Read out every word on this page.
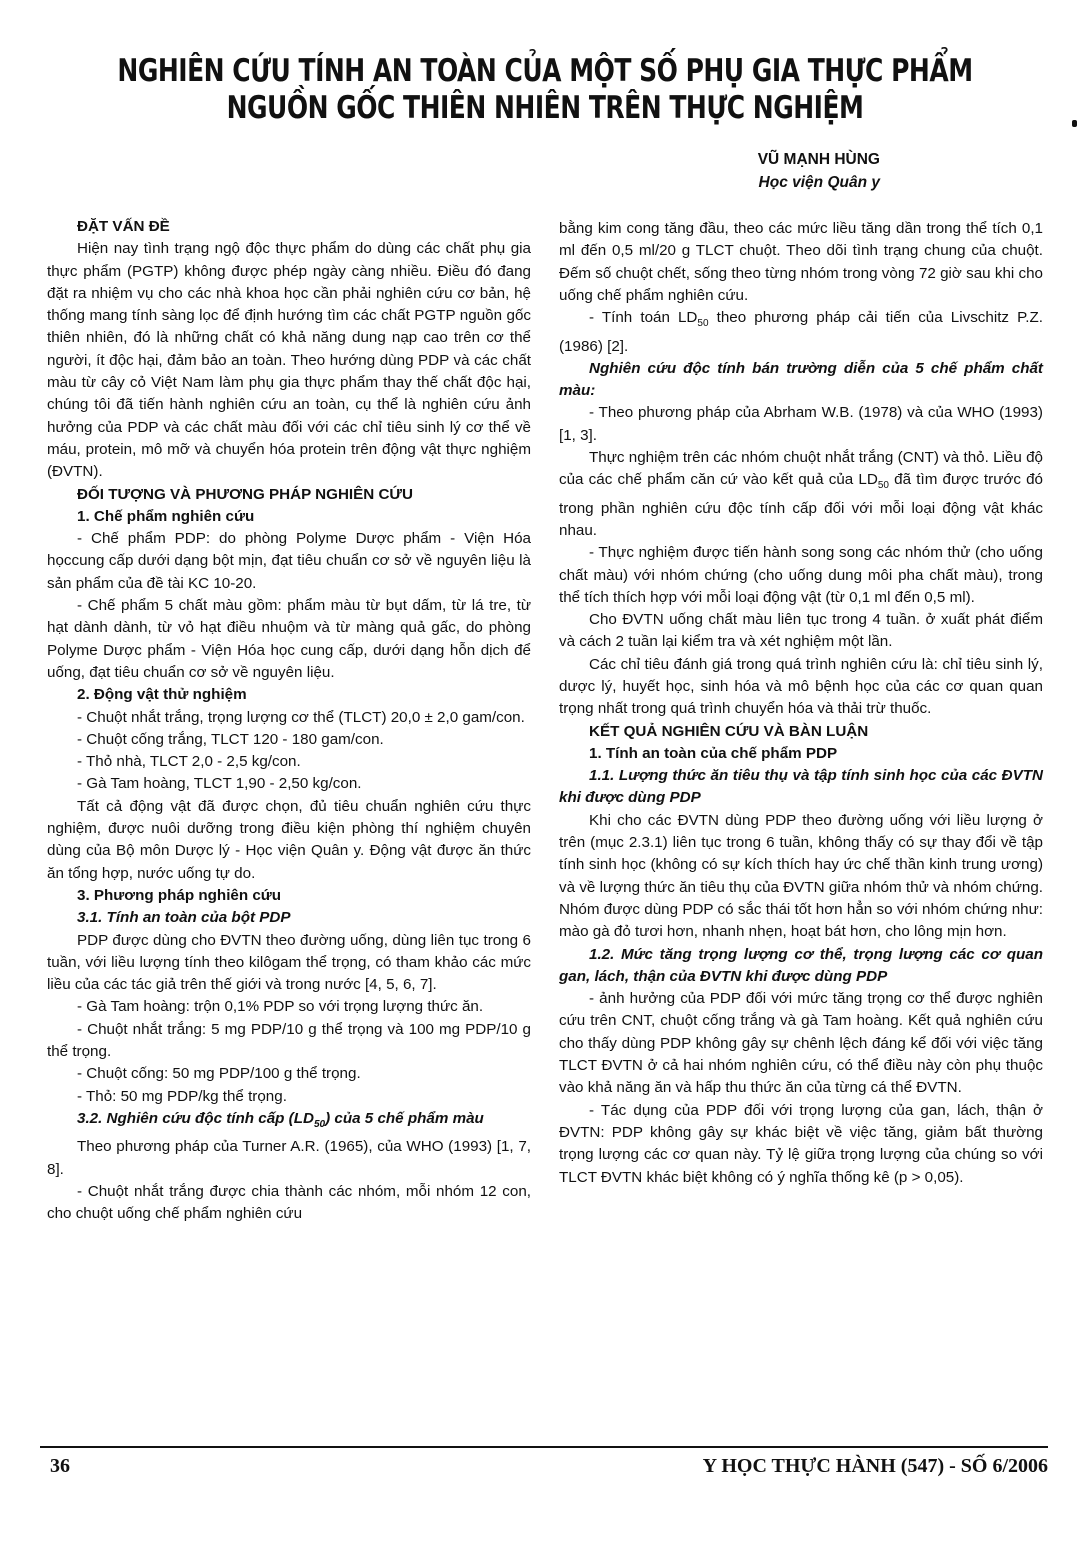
NGHIÊN CỨU TÍNH AN TOÀN CỦA MỘT SỐ PHỤ GIA THỰC PHẨM
NGUỒN GỐC THIÊN NHIÊN TRÊN THỰC NGHIỆM
VŨ MẠNH HÙNG
Học viện Quân y

ĐẶT VẤN ĐỀ

Hiện nay tình trạng ngộ độc thực phẩm do dùng các chất phụ gia thực phẩm (PGTP) không được phép ngày càng nhiều. Điều đó đang đặt ra nhiệm vụ cho các nhà khoa học cần phải nghiên cứu cơ bản, hệ thống mang tính sàng lọc để định hướng tìm các chất PGTP nguồn gốc thiên nhiên, đó là những chất có khả năng dung nạp cao trên cơ thể người, ít độc hại, đảm bảo an toàn. Theo hướng dùng PDP và các chất màu từ cây cỏ Việt Nam làm phụ gia thực phẩm thay thế chất độc hại, chúng tôi đã tiến hành nghiên cứu an toàn, cụ thể là nghiên cứu ảnh hưởng của PDP và các chất màu đối với các chỉ tiêu sinh lý cơ thể về máu, protein, mô mỡ và chuyển hóa protein trên động vật thực nghiệm (ĐVTN).

ĐỐI TƯỢNG VÀ PHƯƠNG PHÁP NGHIÊN CỨU

1. Chế phẩm nghiên cứu

- Chế phẩm PDP: do phòng Polyme Dược phẩm - Viện Hóa họccung cấp dưới dạng bột mịn, đạt tiêu chuẩn cơ sở về nguyên liệu là sản phẩm của đề tài KC 10-20.

- Chế phẩm 5 chất màu gồm: phẩm màu từ bụt dấm, từ lá tre, từ hạt dành dành, từ vỏ hạt điều nhuộm và từ màng quả gấc, do phòng Polyme Dược phẩm - Viện Hóa học cung cấp, dưới dạng hỗn dịch để uống, đạt tiêu chuẩn cơ sở về nguyên liệu.

2. Động vật thử nghiệm

- Chuột nhắt trắng, trọng lượng cơ thể (TLCT) 20,0 ± 2,0 gam/con.

- Chuột cống trắng, TLCT 120 - 180 gam/con.

- Thỏ nhà, TLCT 2,0 - 2,5 kg/con.

- Gà Tam hoàng, TLCT 1,90 - 2,50 kg/con.

Tất cả động vật đã được chọn, đủ tiêu chuẩn nghiên cứu thực nghiệm, được nuôi dưỡng trong điều kiện phòng thí nghiệm chuyên dùng của Bộ môn Dược lý - Học viện Quân y. Động vật được ăn thức ăn tổng hợp, nước uống tự do.

3. Phương pháp nghiên cứu

3.1. Tính an toàn của bột PDP

PDP được dùng cho ĐVTN theo đường uống, dùng liên tục trong 6 tuần, với liều lượng tính theo kilôgam thể trọng, có tham khảo các mức liều của các tác giả trên thế giới và trong nước [4, 5, 6, 7].

- Gà Tam hoàng: trộn 0,1% PDP so với trọng lượng thức ăn.

- Chuột nhắt trắng: 5 mg PDP/10 g thể trọng và 100 mg PDP/10 g thể trọng.

- Chuột cống: 50 mg PDP/100 g thể trọng.

- Thỏ: 50 mg PDP/kg thể trọng.

3.2. Nghiên cứu độc tính cấp $(LD_{50})$ của 5 chế phẩm màu

Theo phương pháp của Turner A.R. (1965), của WHO (1993) [1, 7, 8].

- Chuột nhắt trắng được chia thành các nhóm, mỗi nhóm 12 con, cho chuột uống chế phẩm nghiên cứu

bằng kim cong tăng đầu, theo các mức liều tăng dần trong thể tích 0,1 ml đến 0,5 ml/20 g TLCT chuột. Theo dõi tình trạng chung của chuột. Đếm số chuột chết, sống theo từng nhóm trong vòng 72 giờ sau khi cho uống chế phẩm nghiên cứu.

- Tính toán $LD_{50}$ theo phương pháp cải tiến của Livschitz P.Z. (1986) [2].

Nghiên cứu độc tính bán trường diễn của 5 chế phẩm chất màu:

- Theo phương pháp của Abrham W.B. (1978) và của WHO (1993) [1, 3].

Thực nghiệm trên các nhóm chuột nhắt trắng (CNT) và thỏ. Liều độ của các chế phẩm căn cứ vào kết quả của $LD_{50}$ đã tìm được trước đó trong phần nghiên cứu độc tính cấp đối với mỗi loại động vật khác nhau.

- Thực nghiệm được tiến hành song song các nhóm thử (cho uống chất màu) với nhóm chứng (cho uống dung môi pha chất màu), trong thể tích thích hợp với mỗi loại động vật (từ 0,1 ml đến 0,5 ml).

Cho ĐVTN uống chất màu liên tục trong 4 tuần. ở xuất phát điểm và cách 2 tuần lại kiểm tra và xét nghiệm một lần.

Các chỉ tiêu đánh giá trong quá trình nghiên cứu là: chỉ tiêu sinh lý, dược lý, huyết học, sinh hóa và mô bệnh học của các cơ quan quan trọng nhất trong quá trình chuyển hóa và thải trừ thuốc.

KẾT QUẢ NGHIÊN CỨU VÀ BÀN LUẬN

1. Tính an toàn của chế phẩm PDP

1.1. Lượng thức ăn tiêu thụ và tập tính sinh học của các ĐVTN khi được dùng PDP

Khi cho các ĐVTN dùng PDP theo đường uống với liều lượng ở trên (mục 2.3.1) liên tục trong 6 tuần, không thấy có sự thay đổi về tập tính sinh học (không có sự kích thích hay ức chế thần kinh trung ương) và về lượng thức ăn tiêu thụ của ĐVTN giữa nhóm thử và nhóm chứng. Nhóm được dùng PDP có sắc thái tốt hơn hẳn so với nhóm chứng như: mào gà đỏ tươi hơn, nhanh nhẹn, hoạt bát hơn, cho lông mịn hơn.

1.2. Mức tăng trọng lượng cơ thể, trọng lượng các cơ quan gan, lách, thận của ĐVTN khi được dùng PDP

- ảnh hưởng của PDP đối với mức tăng trọng cơ thể được nghiên cứu trên CNT, chuột cống trắng và gà Tam hoàng. Kết quả nghiên cứu cho thấy dùng PDP không gây sự chênh lệch đáng kể đối với việc tăng TLCT ĐVTN ở cả hai nhóm nghiên cứu, có thể điều này còn phụ thuộc vào khả năng ăn và hấp thu thức ăn của từng cá thể ĐVTN.

- Tác dụng của PDP đối với trọng lượng của gan, lách, thận ở ĐVTN: PDP không gây sự khác biệt về việc tăng, giảm bất thường trọng lượng các cơ quan này. Tỷ lệ giữa trọng lượng của chúng so với TLCT ĐVTN khác biệt không có ý nghĩa thống kê (p > 0,05).

36	Y HỌC THỰC HÀNH (547) - SỐ 6/2006
